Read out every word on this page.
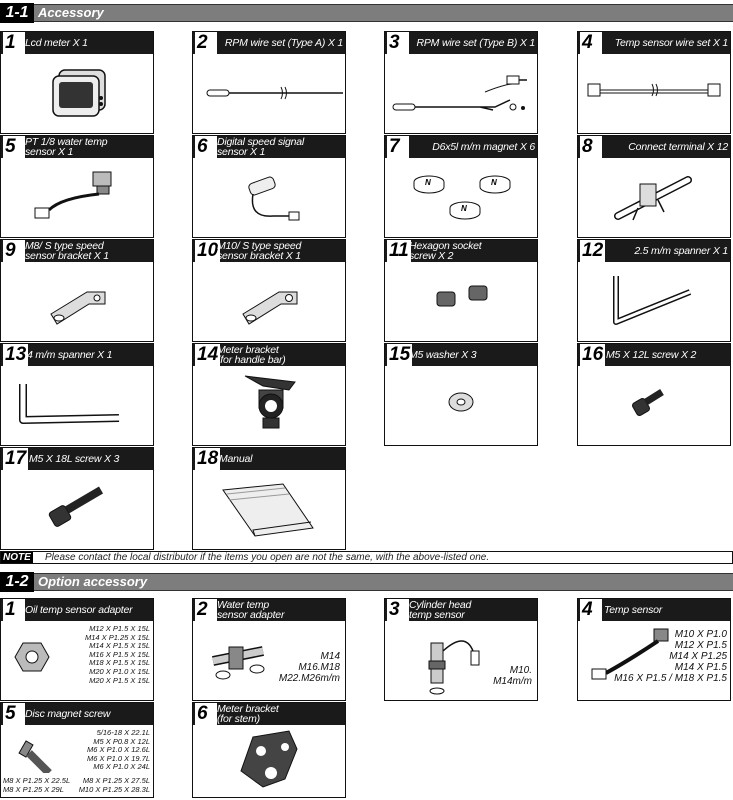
1-1 Accessory
1 Lcd meter X 1	2	RPM wire set (Type A) X 1 3	RPM wire set (Type B) X 1 4	Temp sensor wire set X 1
5 PT 1/8 water temp
sensor X 1	6 Digital speed signal
sensor X 1	7	D6x5l m/m magnet X 6
N	N
N
8	Connect terminal X 12
9 M8/ S type speed
sensor bracket X 1	10
M10/ S type speed
sensor bracket X 1	11 Hexagon socket
screw X 2	12	2.5 m/m spanner X 1
13 4 m/m spanner X 1	14
Meter bracket
(for handle bar)	15
M5 washer X 3	16 M5 X 12L screw X 2
17 M5 X 18L screw X 3	18 Manual
NOTE Please contact the local distributor if the items you open are not the same, with the above-listed one.
1-2 Option accessory
1 Oil temp sensor adapter
M12 X P1.5 X 15L
M14 X P1.25 X 15L
M14 X P1.5 X 15L
M16 X P1.5 X 15L
M18 X P1.5 X 15L
M20 X P1.0 X 15L
M20 X P1.5 X 15L
2 Water temp
sensor adapter
M14
M16.M18
M22.M26m/m
3 Cylinder head
temp sensor
M10.
M14m/m
4	Temp sensor
M10 X P1.0
M12 X P1.5
M14 X P1.25
M14 X P1.5
M16 X P1.5 / M18 X P1.5
5 Disc magnet screw
5/16-18 X 22.1L
M5 X P0.8 X 12L
M6 X P1.0 X 12.6L
M6 X P1.0 X 19.7L
M6 X P1.0 X 24L
M8 X P1.25 X 22.5L
M8 X P1.25 X 29L
M8 X P1.25 X 27.5L
M10 X P1.25 X 28.3L
6 Meter bracket
(for stem)
